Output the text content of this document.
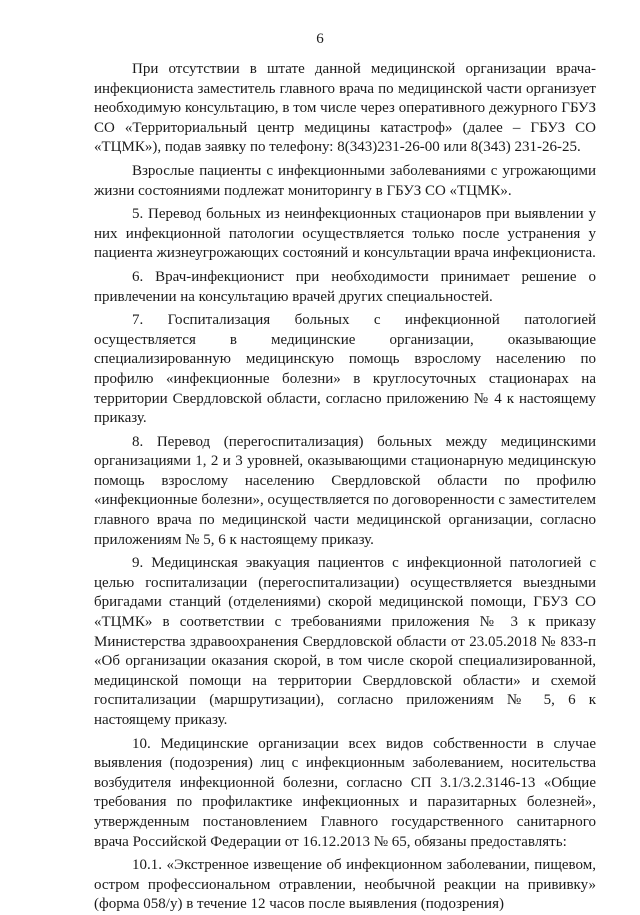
6

При отсутствии в штате данной медицинской организации врача-инфекциониста заместитель главного врача по медицинской части организует необходимую консультацию, в том числе через оперативного дежурного ГБУЗ СО «Территориальный центр медицины катастроф» (далее – ГБУЗ СО «ТЦМК»), подав заявку по телефону: 8(343)231-26-00 или 8(343) 231-26-25.

Взрослые пациенты с инфекционными заболеваниями с угрожающими жизни состояниями подлежат мониторингу в ГБУЗ СО «ТЦМК».

5. Перевод больных из неинфекционных стационаров при выявлении у них инфекционной патологии осуществляется только после устранения у пациента жизнеугрожающих состояний и консультации врача инфекциониста.

6. Врач-инфекционист при необходимости принимает решение о привлечении на консультацию врачей других специальностей.

7. Госпитализация больных с инфекционной патологией осуществляется в медицинские организации, оказывающие специализированную медицинскую помощь взрослому населению по профилю «инфекционные болезни» в круглосуточных стационарах на территории Свердловской области, согласно приложению № 4 к настоящему приказу.

8. Перевод (перегоспитализация) больных между медицинскими организациями 1, 2 и 3 уровней, оказывающими стационарную медицинскую помощь взрослому населению Свердловской области по профилю «инфекционные болезни», осуществляется по договоренности с заместителем главного врача по медицинской части медицинской организации, согласно приложениям № 5, 6 к настоящему приказу.

9. Медицинская эвакуация пациентов с инфекционной патологией с целью госпитализации (перегоспитализации) осуществляется выездными бригадами станций (отделениями) скорой медицинской помощи, ГБУЗ СО «ТЦМК» в соответствии с требованиями приложения № 3 к приказу Министерства здравоохранения Свердловской области от 23.05.2018 № 833-п «Об организации оказания скорой, в том числе скорой специализированной, медицинской помощи на территории Свердловской области» и схемой госпитализации (маршрутизации), согласно приложениям № 5, 6 к настоящему приказу.

10. Медицинские организации всех видов собственности в случае выявления (подозрения) лиц с инфекционным заболеванием, носительства возбудителя инфекционной болезни, согласно СП 3.1/3.2.3146-13 «Общие требования по профилактике инфекционных и паразитарных болезней», утвержденным постановлением Главного государственного санитарного врача Российской Федерации от 16.12.2013 № 65, обязаны предоставлять:

10.1. «Экстренное извещение об инфекционном заболевании, пищевом, остром профессиональном отравлении, необычной реакции на прививку» (форма 058/у) в течение 12 часов после выявления (подозрения)
